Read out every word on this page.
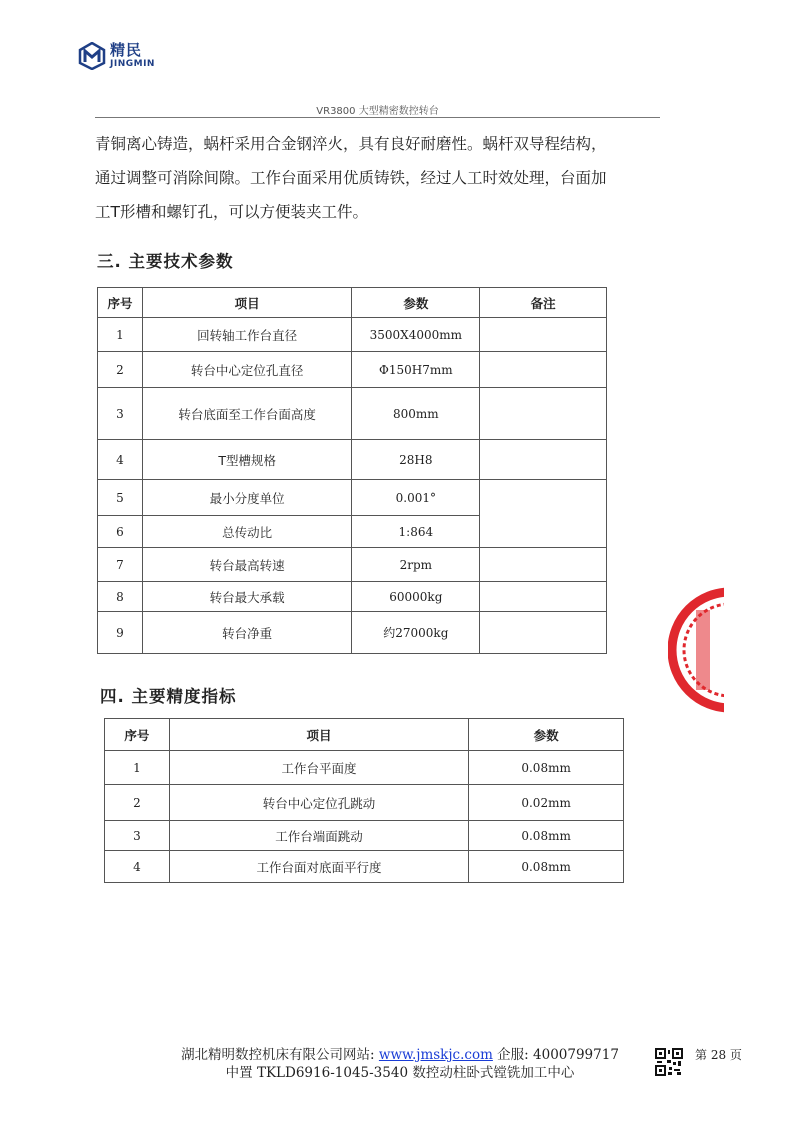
精民
JINGMIN
VR3800 大型精密数控转台
青铜离心铸造，蜗杆采用合金钢淬火，具有良好耐磨性。蜗杆双导程结构，
通过调整可消除间隙。工作台面采用优质铸铁，经过人工时效处理，台面加
工T形槽和螺钉孔，可以方便装夹工件。
三. 主要技术参数
序号	项目	参数	备注
1	回转轴工作台直径	3500X4000mm	
2	转台中心定位孔直径	Φ150H7mm	
3	转台底面至工作台面高度	800mm	
4	T型槽规格	28H8	
5	最小分度单位	0.001°	
6	总传动比	1:864	
7	转台最高转速	2rpm	
8	转台最大承载	60000kg	
9	转台净重	约27000kg	
四. 主要精度指标
序号	项目	参数
1	工作台平面度	0.08mm
2	转台中心定位孔跳动	0.02mm
3	工作台端面跳动	0.08mm
4	工作台面对底面平行度	0.08mm
湖北精明数控机床有限公司网站: www.jmskjc.com 企服: 4000799717
中置 TKLD6916-1045-3540 数控动柱卧式镗铣加工中心
第 28 页
